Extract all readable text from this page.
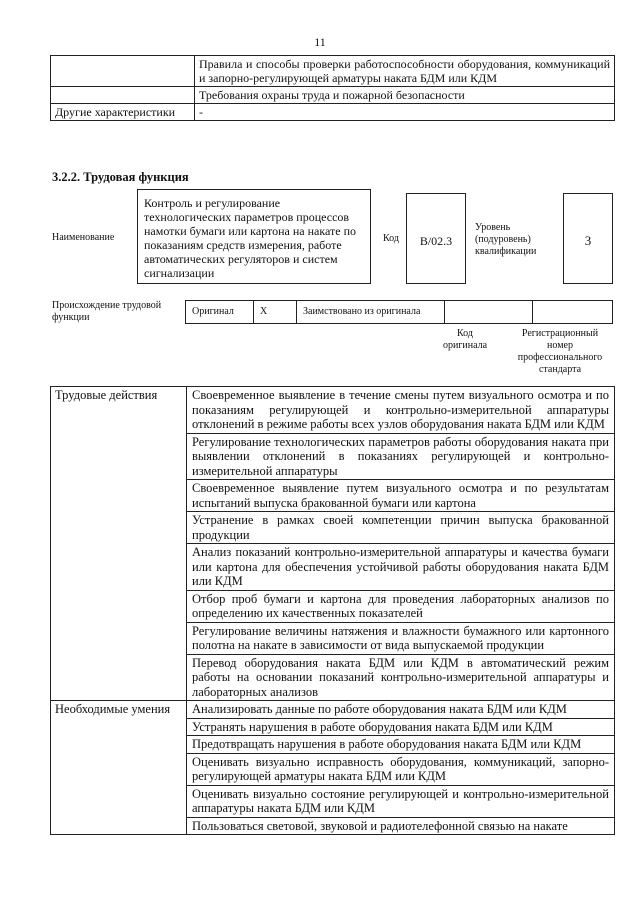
11
	Правила и способы проверки работоспособности оборудования, коммуникаций и запорно-регулирующей арматуры наката БДМ или КДМ
	Требования охраны труда и пожарной безопасности
Другие характеристики	-
3.2.2. Трудовая функция
Наименование
Контроль и регулирование технологических параметров процессов намотки бумаги или картона на накате по показаниям средств измерения, работе автоматических регуляторов и систем сигнализации
Код	В/02.3
Уровень (подуровень) квалификации
3
Происхождение трудовой функции
Оригинал	X	Заимствовано из оригинала		
Код оригинала
Регистрационный номер профессионального стандарта
Трудовые действия	Своевременное выявление в течение смены путем визуального осмотра и по показаниям регулирующей и контрольно-измерительной аппаратуры отклонений в режиме работы всех узлов оборудования наката БДМ или КДМ
	Регулирование технологических параметров работы оборудования наката при выявлении отклонений в показаниях регулирующей и контрольно-измерительной аппаратуры
	Своевременное выявление путем визуального осмотра и по результатам испытаний выпуска бракованной бумаги или картона
	Устранение в рамках своей компетенции причин выпуска бракованной продукции
	Анализ показаний контрольно-измерительной аппаратуры и качества бумаги или картона для обеспечения устойчивой работы оборудования наката БДМ или КДМ
	Отбор проб бумаги и картона для проведения лабораторных анализов по определению их качественных показателей
	Регулирование величины натяжения и влажности бумажного или картонного полотна на накате в зависимости от вида выпускаемой продукции
	Перевод оборудования наката БДМ или КДМ в автоматический режим работы на основании показаний контрольно-измерительной аппаратуры и лабораторных анализов
Необходимые умения	Анализировать данные по работе оборудования наката БДМ или КДМ
	Устранять нарушения в работе оборудования наката БДМ или КДМ
	Предотвращать нарушения в работе оборудования наката БДМ или КДМ
	Оценивать визуально исправность оборудования, коммуникаций, запорно-регулирующей арматуры наката БДМ или КДМ
	Оценивать визуально состояние регулирующей и контрольно-измерительной аппаратуры наката БДМ или КДМ
	Пользоваться световой, звуковой и радиотелефонной связью на накате
